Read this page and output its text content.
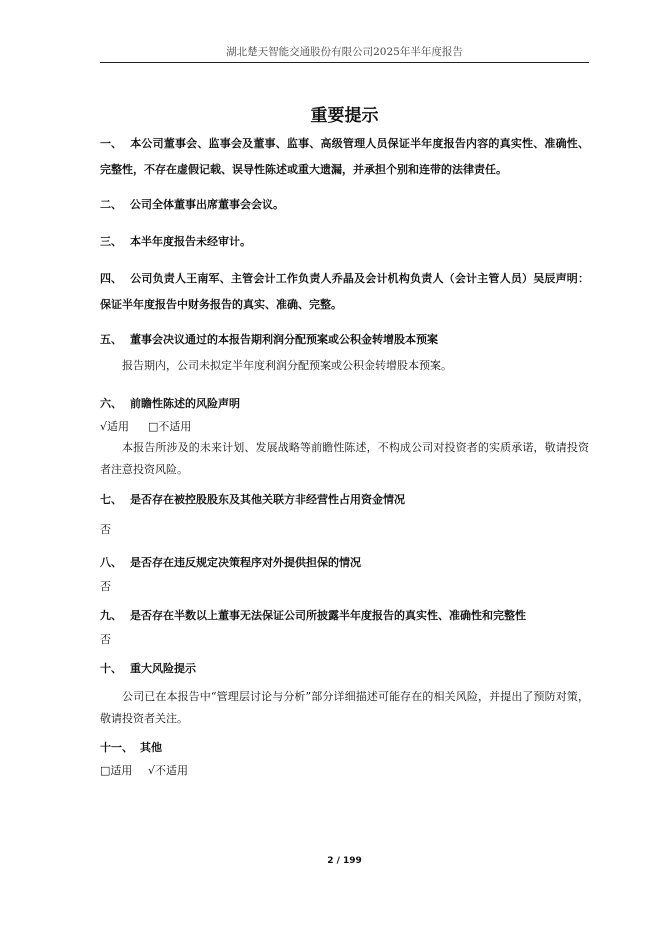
湖北楚天智能交通股份有限公司2025年半年度报告
重要提示

一、 本公司董事会、监事会及董事、监事、高级管理人员保证半年度报告内容的真实性、准确性、完整性，不存在虚假记载、误导性陈述或重大遗漏，并承担个别和连带的法律责任。

二、 公司全体董事出席董事会会议。

三、 本半年度报告未经审计。

四、 公司负责人王南军、主管会计工作负责人乔晶及会计机构负责人（会计主管人员）吴辰声明：保证半年度报告中财务报告的真实、准确、完整。

五、 董事会决议通过的本报告期利润分配预案或公积金转增股本预案

报告期内，公司未拟定半年度利润分配预案或公积金转增股本预案。

六、 前瞻性陈述的风险声明

√适用 □不适用

本报告所涉及的未来计划、发展战略等前瞻性陈述，不构成公司对投资者的实质承诺，敬请投资者注意投资风险。

七、 是否存在被控股股东及其他关联方非经营性占用资金情况

否

八、 是否存在违反规定决策程序对外提供担保的情况

否

九、 是否存在半数以上董事无法保证公司所披露半年度报告的真实性、准确性和完整性

否

十、 重大风险提示

公司已在本报告中“管理层讨论与分析”部分详细描述可能存在的相关风险，并提出了预防对策，敬请投资者关注。

十一、 其他

□适用 √不适用
2 / 199
